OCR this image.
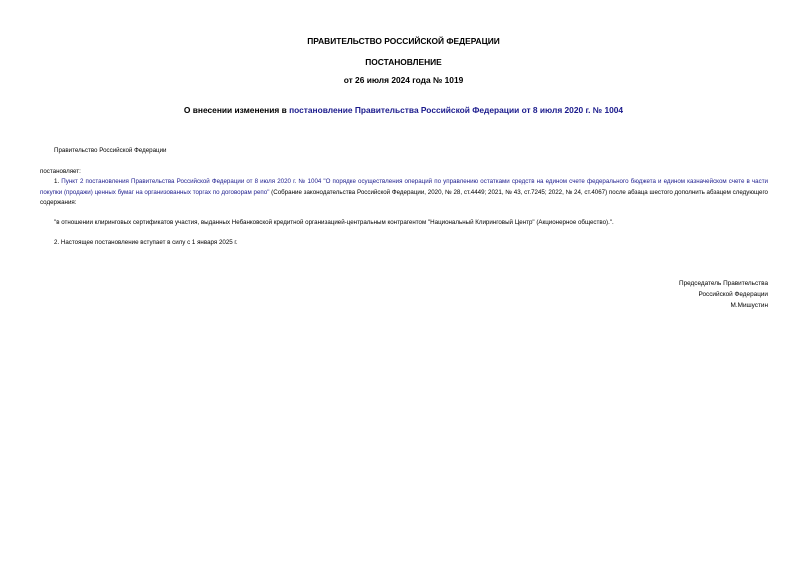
ПРАВИТЕЛЬСТВО РОССИЙСКОЙ ФЕДЕРАЦИИ
ПОСТАНОВЛЕНИЕ
от 26 июля 2024 года № 1019
О внесении изменения в постановление Правительства Российской Федерации от 8 июля 2020 г. № 1004
Правительство Российской Федерации
постановляет:
1. Пункт 2 постановления Правительства Российской Федерации от 8 июля 2020 г. № 1004 "О порядке осуществления операций по управлению остатками средств на едином счете федерального бюджета и едином казначейском счете в части покупки (продажи) ценных бумаг на организованных торгах по договорам репо" (Собрание законодательства Российской Федерации, 2020, № 28, ст.4449; 2021, № 43, ст.7245; 2022, № 24, ст.4067) после абзаца шестого дополнить абзацем следующего содержания:
"в отношении клиринговых сертификатов участия, выданных Небанковской кредитной организацией-центральным контрагентом "Национальный Клиринговый Центр" (Акционерное общество).".
2. Настоящее постановление вступает в силу с 1 января 2025 г.
Председатель Правительства
Российской Федерации
М.Мишустин
